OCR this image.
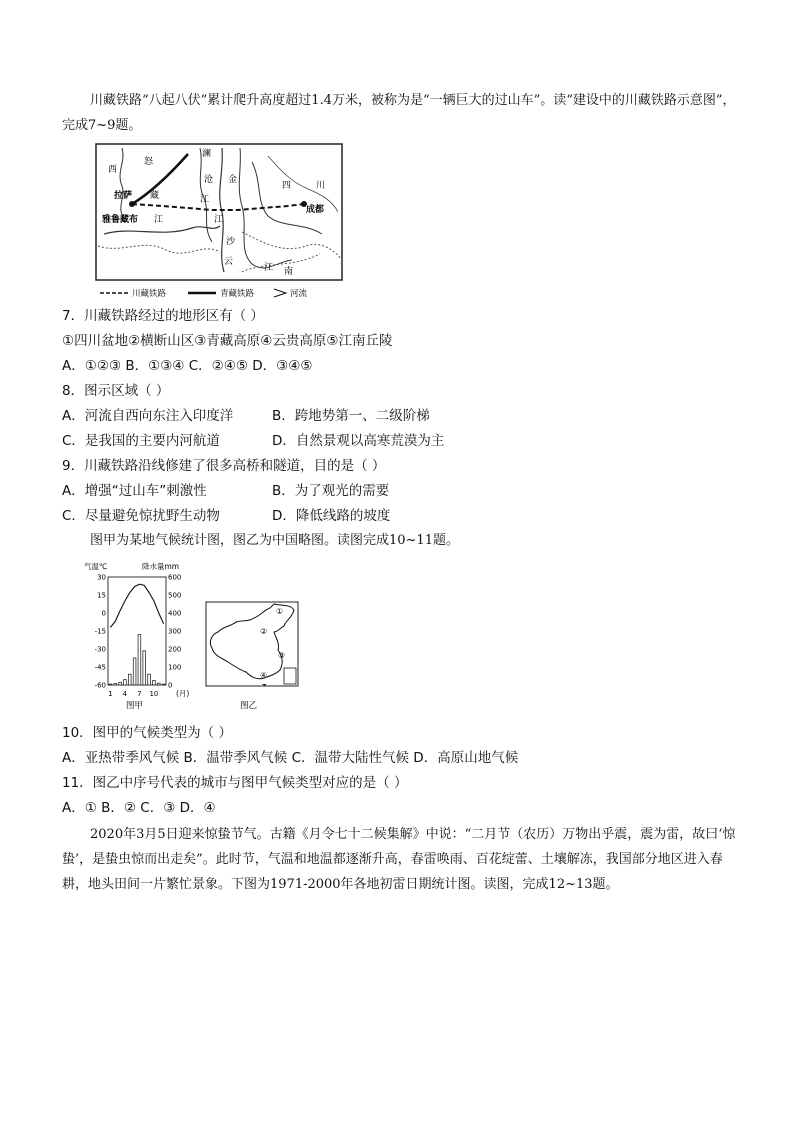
川藏铁路“八起八伏”累计爬升高度超过1.4万米，被称为是“一辆巨大的过山车”。读“建设中的川藏铁路示意图”，完成7~9题。
西
怒
拉萨 藏
雅鲁藏布 江
澜
沧
江
金
沙
江
四	川
成都
云
江 南
川藏铁路	青藏铁路	河流
7．川藏铁路经过的地形区有（ ）
①四川盆地②横断山区③青藏高原④云贵高原⑤江南丘陵
A．①②③ B．①③④ C．②④⑤ D．③④⑤
8．图示区域（ ）
A．河流自西向东注入印度洋	B．跨地势第一、二级阶梯
C．是我国的主要内河航道	D．自然景观以高寒荒漠为主
9．川藏铁路沿线修建了很多高桥和隧道，目的是（ ）
A．增强“过山车”刺激性	B．为了观光的需要
C．尽量避免惊扰野生动物	D．降低线路的坡度
图甲为某地气候统计图，图乙为中国略图。读图完成10~11题。
气温℃	降水量mm
30
15
0
-15
-30
-45
-60
600
500
400
300
200
100
0
1 4 7 10 (月)
图甲
①
②
③
④
图乙
10．图甲的气候类型为（ ）
A．亚热带季风气候 B．温带季风气候 C．温带大陆性气候 D．高原山地气候
11．图乙中序号代表的城市与图甲气候类型对应的是（ ）
A．① B．② C．③ D．④
2020年3月5日迎来惊蛰节气。古籍《月令七十二候集解》中说：“二月节（农历）万物出乎震，震为雷，故曰‘惊蛰’，是蛰虫惊而出走矣”。此时节，气温和地温都逐渐升高，春雷唤雨、百花绽蕾、土壤解冻，我国部分地区进入春耕，地头田间一片繁忙景象。下图为1971-2000年各地初雷日期统计图。读图，完成12~13题。
